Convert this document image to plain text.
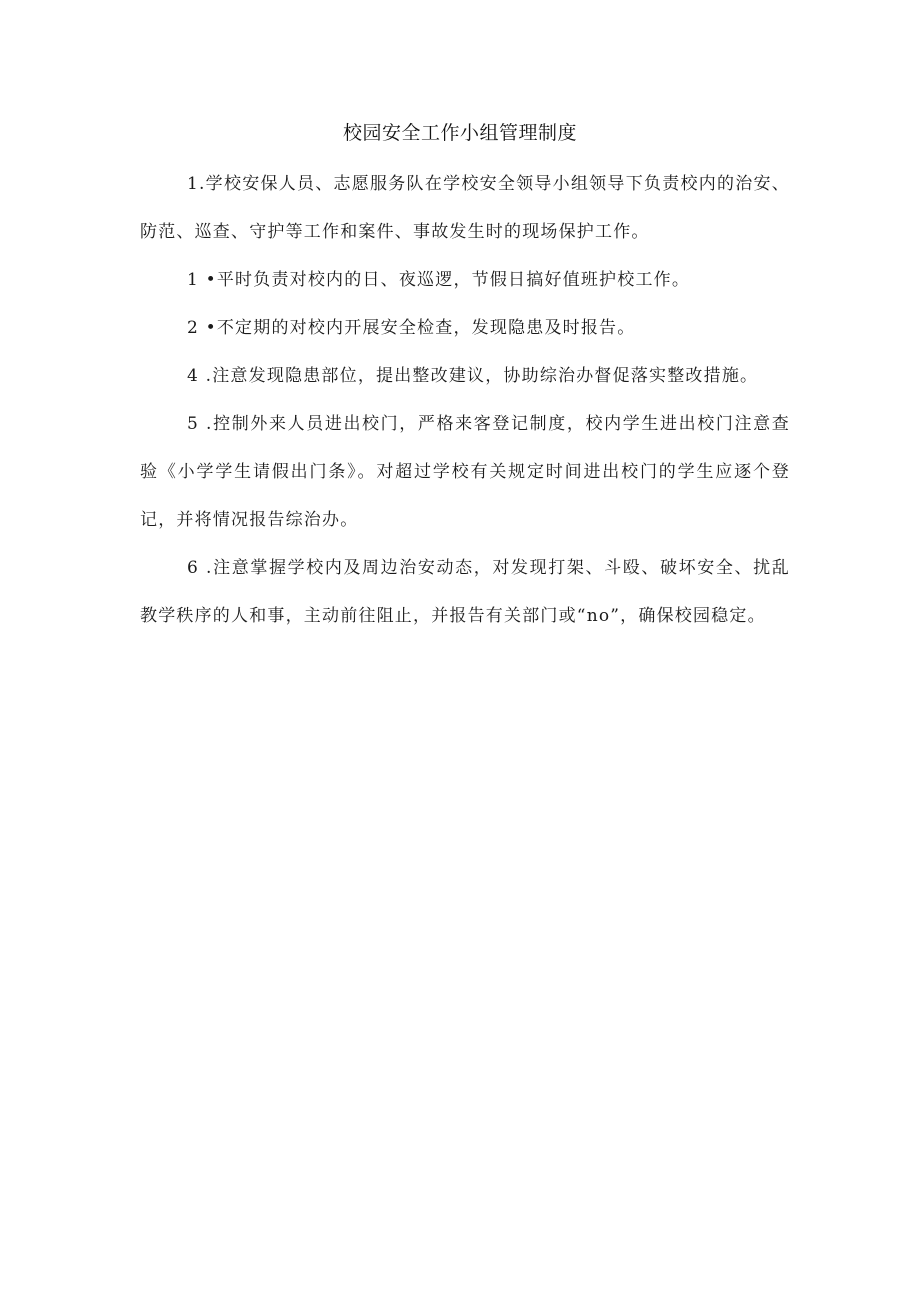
校园安全工作小组管理制度

1.学校安保人员、志愿服务队在学校安全领导小组领导下负责校内的治安、防范、巡查、守护等工作和案件、事故发生时的现场保护工作。

1 •平时负责对校内的日、夜巡逻，节假日搞好值班护校工作。

2 •不定期的对校内开展安全检查，发现隐患及时报告。

4 .注意发现隐患部位，提出整改建议，协助综治办督促落实整改措施。

5 .控制外来人员进出校门，严格来客登记制度，校内学生进出校门注意查验《小学学生请假出门条》。对超过学校有关规定时间进出校门的学生应逐个登记，并将情况报告综治办。

6 .注意掌握学校内及周边治安动态，对发现打架、斗殴、破坏安全、扰乱教学秩序的人和事，主动前往阻止，并报告有关部门或“no”，确保校园稳定。
